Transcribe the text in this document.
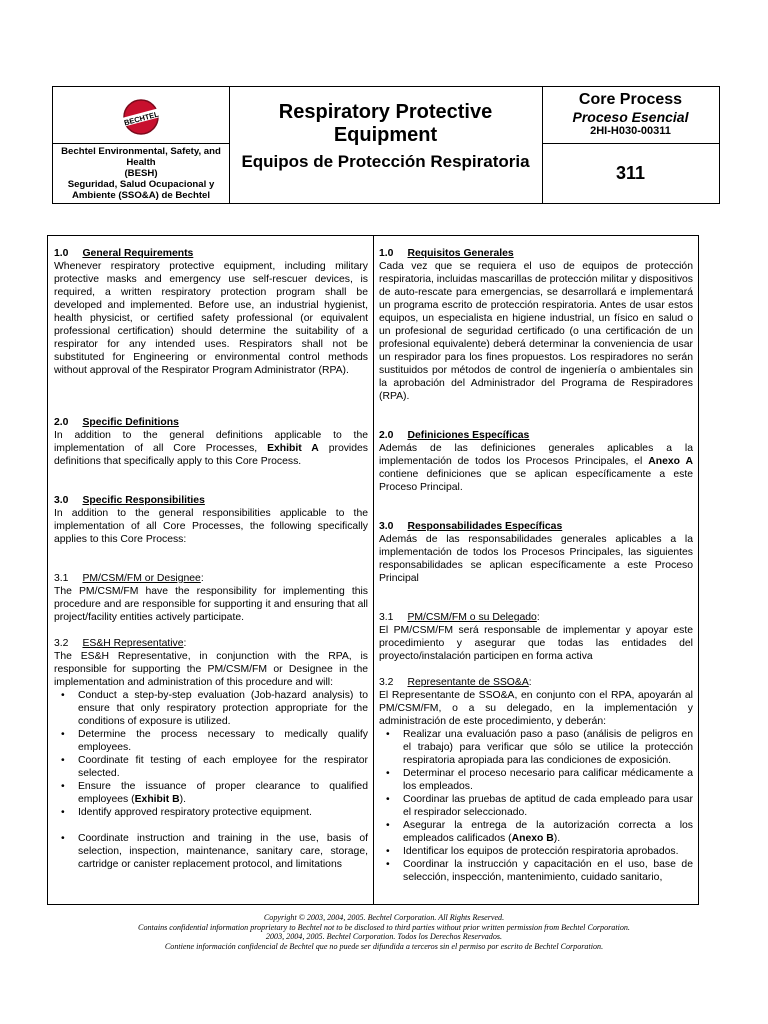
BECHTEL
Bechtel Environmental, Safety, and Health
(BESH)
Seguridad, Salud Ocupacional y Ambiente (SSO&A) de Bechtel
Respiratory Protective Equipment
Equipos de Protección Respiratoria
Core Process
Proceso Esencial
2HI-H030-00311
311
1.0 General Requirements

Whenever respiratory protective equipment, including military protective masks and emergency use self-rescuer devices, is required, a written respiratory protection program shall be developed and implemented. Before use, an industrial hygienist, health physicist, or certified safety professional (or equivalent professional certification) should determine the suitability of a respirator for any intended uses. Respirators shall not be substituted for Engineering or environmental control methods without approval of the Respirator Program Administrator (RPA).

2.0 Specific Definitions

In addition to the general definitions applicable to the implementation of all Core Processes, Exhibit A provides definitions that specifically apply to this Core Process.

3.0 Specific Responsibilities

In addition to the general responsibilities applicable to the implementation of all Core Processes, the following specifically applies to this Core Process:

3.1 PM/CSM/FM or Designee:

The PM/CSM/FM have the responsibility for implementing this procedure and are responsible for supporting it and ensuring that all project/facility entities actively participate.

3.2 ES&H Representative:

The ES&H Representative, in conjunction with the RPA, is responsible for supporting the PM/CSM/FM or Designee in the implementation and administration of this procedure and will:

• Conduct a step-by-step evaluation (Job-hazard analysis) to ensure that only respiratory protection appropriate for the conditions of exposure is utilized.
• Determine the process necessary to medically qualify employees.
• Coordinate fit testing of each employee for the respirator selected.
• Ensure the issuance of proper clearance to qualified employees (Exhibit B).
• Identify approved respiratory protective equipment.
• Coordinate instruction and training in the use, basis of selection, inspection, maintenance, sanitary care, storage, cartridge or canister replacement protocol, and limitations
1.0 Requisitos Generales

Cada vez que se requiera el uso de equipos de protección respiratoria, incluidas mascarillas de protección militar y dispositivos de auto-rescate para emergencias, se desarrollará e implementará un programa escrito de protección respiratoria. Antes de usar estos equipos, un especialista en higiene industrial, un físico en salud o un profesional de seguridad certificado (o una certificación de un profesional equivalente) deberá determinar la conveniencia de usar un respirador para los fines propuestos. Los respiradores no serán sustituidos por métodos de control de ingeniería o ambientales sin la aprobación del Administrador del Programa de Respiradores (RPA).

2.0 Definiciones Específicas

Además de las definiciones generales aplicables a la implementación de todos los Procesos Principales, el Anexo A contiene definiciones que se aplican específicamente a este Proceso Principal.

3.0 Responsabilidades Específicas

Además de las responsabilidades generales aplicables a la implementación de todos los Procesos Principales, las siguientes responsabilidades se aplican específicamente a este Proceso Principal

3.1 PM/CSM/FM o su Delegado:

El PM/CSM/FM será responsable de implementar y apoyar este procedimiento y asegurar que todas las entidades del proyecto/instalación participen en forma activa

3.2 Representante de SSO&A:

El Representante de SSO&A, en conjunto con el RPA, apoyarán al PM/CSM/FM, o a su delegado, en la implementación y administración de este procedimiento, y deberán:

• Realizar una evaluación paso a paso (análisis de peligros en el trabajo) para verificar que sólo se utilice la protección respiratoria apropiada para las condiciones de exposición.
• Determinar el proceso necesario para calificar médicamente a los empleados.
• Coordinar las pruebas de aptitud de cada empleado para usar el respirador seleccionado.
• Asegurar la entrega de la autorización correcta a los empleados calificados (Anexo B).
• Identificar los equipos de protección respiratoria aprobados.
• Coordinar la instrucción y capacitación en el uso, base de selección, inspección, mantenimiento, cuidado sanitario,
Copyright © 2003, 2004, 2005. Bechtel Corporation. All Rights Reserved.
Contains confidential information proprietary to Bechtel not to be disclosed to third parties without prior written permission from Bechtel Corporation.
2003, 2004, 2005. Bechtel Corporation. Todos los Derechos Reservados.
Contiene información confidencial de Bechtel que no puede ser difundida a terceros sin el permiso por escrito de Bechtel Corporation.
